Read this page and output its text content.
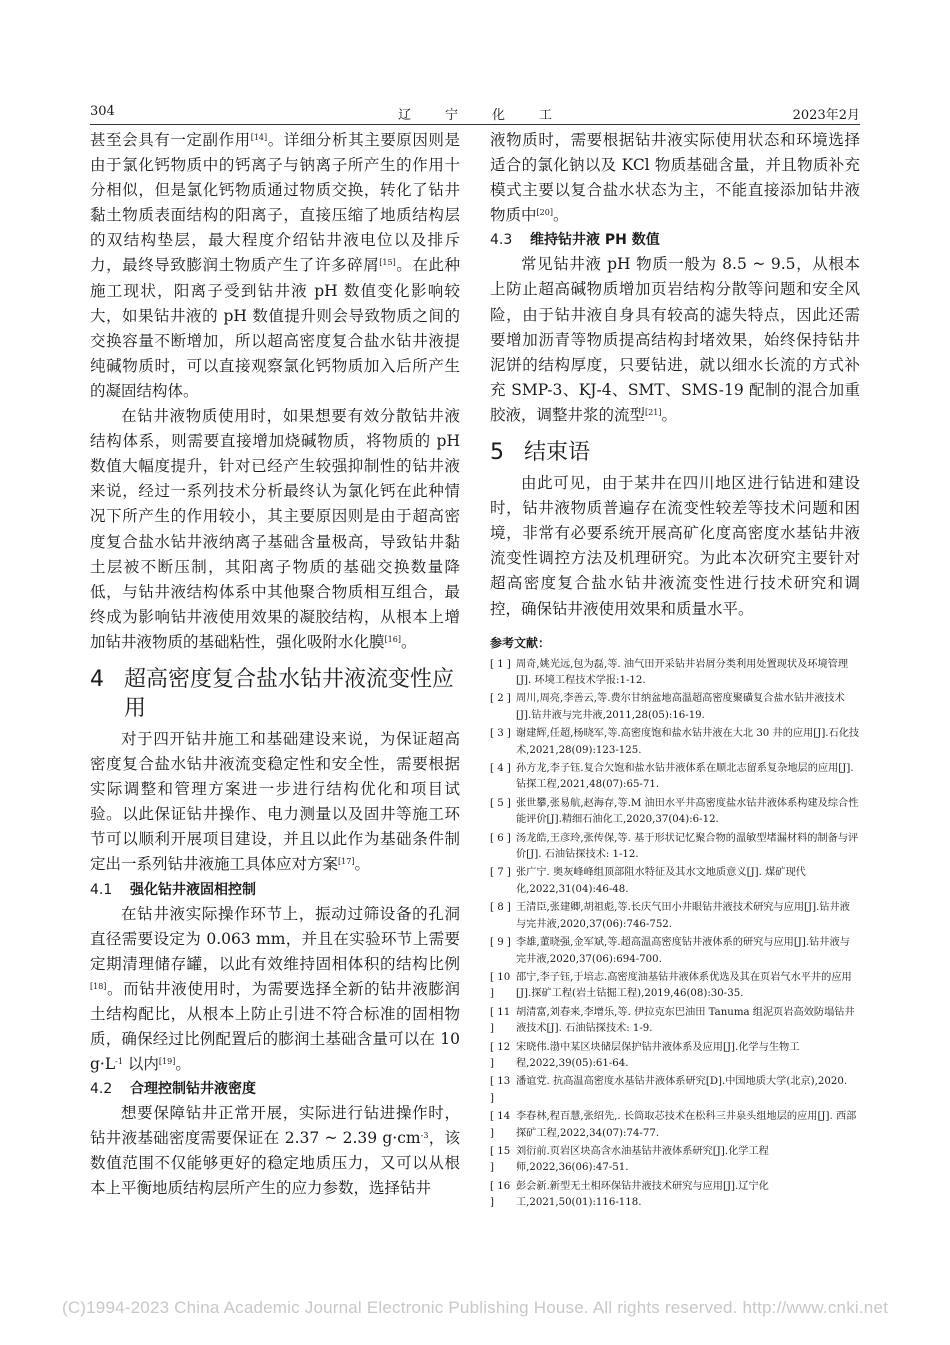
304	辽宁化工	2023年2月

甚至会具有一定副作用[14]。详细分析其主要原因则是由于氯化钙物质中的钙离子与钠离子所产生的作用十分相似，但是氯化钙物质通过物质交换，转化了钻井黏土物质表面结构的阳离子，直接压缩了地质结构层的双结构垫层，最大程度介绍钻井液电位以及排斥力，最终导致膨润土物质产生了许多碎屑[15]。在此种施工现状，阳离子受到钻井液 pH 数值变化影响较大，如果钻井液的 pH 数值提升则会导致物质之间的交换容量不断增加，所以超高密度复合盐水钻井液提纯碱物质时，可以直接观察氯化钙物质加入后所产生的凝固结构体。

在钻井液物质使用时，如果想要有效分散钻井液结构体系，则需要直接增加烧碱物质，将物质的 pH 数值大幅度提升，针对已经产生较强抑制性的钻井液来说，经过一系列技术分析最终认为氯化钙在此种情况下所产生的作用较小，其主要原因则是由于超高密度复合盐水钻井液纳离子基础含量极高，导致钻井黏土层被不断压制，其阳离子物质的基础交换数量降低，与钻井液结构体系中其他聚合物质相互组合，最终成为影响钻井液使用效果的凝胶结构，从根本上增加钻井液物质的基础粘性，强化吸附水化膜[16]。

4 超高密度复合盐水钻井液流变性应用

对于四开钻井施工和基础建设来说，为保证超高密度复合盐水钻井液流变稳定性和安全性，需要根据实际调整和管理方案进一步进行结构优化和项目试验。以此保证钻井操作、电力测量以及固井等施工环节可以顺利开展项目建设，并且以此作为基础条件制定出一系列钻井液施工具体应对方案[17]。

4.1 强化钻井液固相控制

在钻井液实际操作环节上，振动过筛设备的孔洞直径需要设定为 0.063 mm，并且在实验环节上需要定期清理储存罐，以此有效维持固相体积的结构比例[18]。而钻井液使用时，为需要选择全新的钻井液膨润土结构配比，从根本上防止引进不符合标准的固相物质，确保经过比例配置后的膨润土基础含量可以在 10 $g\cdot L^{-1}$ 以内[19]。

4.2 合理控制钻井液密度

想要保障钻井正常开展，实际进行钻进操作时，钻井液基础密度需要保证在 2.37 ~ 2.39 $g\cdot cm^{-3}$，该数值范围不仅能够更好的稳定地质压力，又可以从根本上平衡地质结构层所产生的应力参数，选择钻井

液物质时，需要根据钻井液实际使用状态和环境选择适合的氯化钠以及 KCl 物质基础含量，并且物质补充模式主要以复合盐水状态为主，不能直接添加钻井液物质中[20]。

4.3 维持钻井液 PH 数值

常见钻井液 pH 物质一般为 8.5 ~ 9.5，从根本上防止超高碱物质增加页岩结构分散等问题和安全风险，由于钻井液自身具有较高的滤失特点，因此还需要增加沥青等物质提高结构封堵效果，始终保持钻井泥饼的结构厚度，只要钻进，就以细水长流的方式补充 SMP-3、KJ-4、SMT、SMS-19 配制的混合加重胶液，调整井浆的流型[21]。

5 结束语

由此可见，由于某井在四川地区进行钻进和建设时，钻井液物质普遍存在流变性较差等技术问题和困境，非常有必要系统开展高矿化度高密度水基钻井液流变性调控方法及机理研究。为此本次研究主要针对超高密度复合盐水钻井液流变性进行技术研究和调控，确保钻井液使用效果和质量水平。

参考文献：
[ 1 ] 周奇,姚光远,包为磊,等. 油气田开采钻井岩屑分类利用处置现状及环境管理[J]. 环境工程技术学报:1-12.
[ 2 ] 周川,周亮,李善云,等.费尔甘纳盆地高温超高密度聚磺复合盐水钻井液技术[J].钻井液与完井液,2011,28(05):16-19.
[ 3 ] 谢建辉,任超,杨晓军,等.高密度饱和盐水钻井液在大北 30 井的应用[J].石化技术,2021,28(09):123-125.
[ 4 ] 孙方龙,李子钰.复合欠饱和盐水钻井液体系在顺北志留系复杂地层的应用[J].钻探工程,2021,48(07):65-71.
[ 5 ] 张世攀,张易航,赵海存,等.M 油田水平井高密度盐水钻井液体系构建及综合性能评价[J].精细石油化工,2020,37(04):6-12.
[ 6 ] 汤龙皓,王彦玲,张传保,等. 基于形状记忆聚合物的温敏型堵漏材料的制备与评价[J]. 石油钻探技术: 1-12.
[ 7 ] 张广宁. 奥灰峰峰组顶部阻水特征及其水文地质意义[J]. 煤矿现代化,2022,31(04):46-48.
[ 8 ] 王清臣,张建卿,胡祖彪,等.长庆气田小井眼钻井液技术研究与应用[J].钻井液与完井液,2020,37(06):746-752.
[ 9 ] 李雄,董晓强,金军斌,等.超高温高密度钻井液体系的研究与应用[J].钻井液与完井液,2020,37(06):694-700.
[ 10 ]
邵宁,李子钰,于培志.高密度油基钻井液体系优选及其在页岩气水平井的应用[J].探矿工程(岩土钻掘工程),2019,46(08):30-35.
[ 11 ]
胡清富,刘春来,李增乐,等. 伊拉克东巴油田 Tanuma 组泥页岩高效防塌钻井液技术[J]. 石油钻探技术: 1-9.
[ 12 ]
宋晓伟.渤中某区块储层保护钻井液体系及应用[J].化学与生物工程,2022,39(05):61-64.
[ 13 ]
潘谊党. 抗高温高密度水基钻井液体系研究[D].中国地质大学(北京),2020.
[ 14 ]
李春林,程百慧,张绍先,. 长筒取芯技术在松科三井泉头组地层的应用[J]. 西部探矿工程,2022,34(07):74-77.
[ 15 ]
刘衍前.页岩区块高含水油基钻井液体系研究[J].化学工程师,2022,36(06):47-51.
[ 16 ]
彭会新.新型无土相环保钻井液技术研究与应用[J].辽宁化工,2021,50(01):116-118.
(C)1994-2023 China Academic Journal Electronic Publishing House. All rights reserved. http://www.cnki.net
